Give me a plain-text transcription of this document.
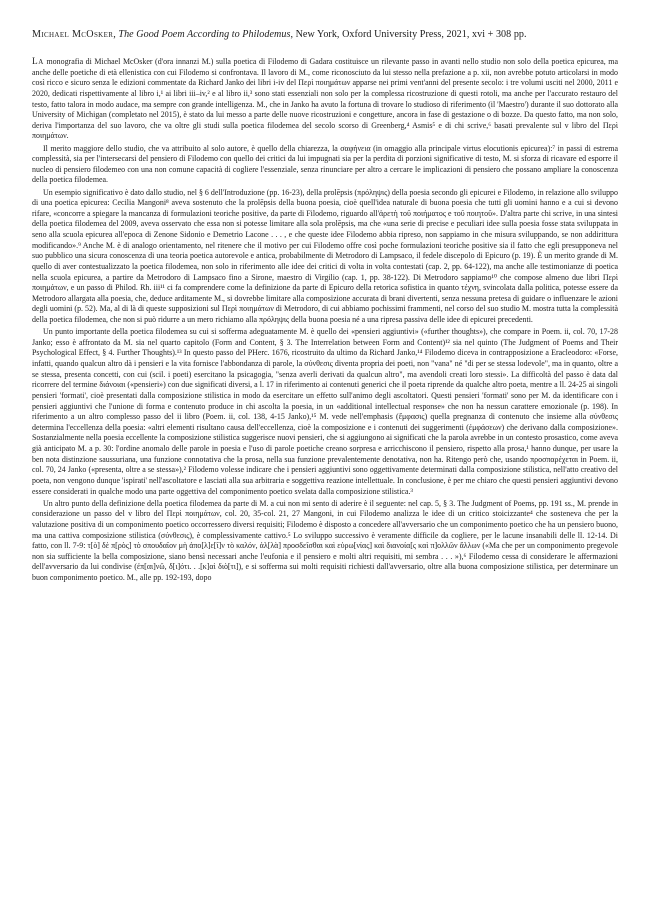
Michael McOsker, The Good Poem According to Philodemus, New York, Oxford University Press, 2021, xvi + 308 pp.

La monografia di Michael McOsker (d'ora innanzi M.) sulla poetica di Filodemo di Gadara costituisce un rilevante passo in avanti nello studio non solo della poetica epicurea, ma anche delle poetiche di età ellenistica con cui Filodemo si confrontava. Il lavoro di M., come riconosciuto da lui stesso nella prefazione a p. xii, non avrebbe potuto articolarsi in modo così ricco e sicuro senza le edizioni commentate da Richard Janko dei libri i-iv del Περὶ ποιημάτων apparse nei primi vent'anni del presente secolo: i tre volumi usciti nel 2000, 2011 e 2020, dedicati rispettivamente al libro i,¹ ai libri iii–iv,² e al libro ii,³ sono stati essenziali non solo per la complessa ricostruzione di questi rotoli, ma anche per l'accurato restauro del testo, fatto talora in modo audace, ma sempre con grande intelligenza. M., che in Janko ha avuto la fortuna di trovare lo studioso di riferimento (il 'Maestro') durante il suo dottorato alla University of Michigan (completato nel 2015), è stato da lui messo a parte delle nuove ricostruzioni e congetture, ancora in fase di gestazione o di bozze. Da questo fatto, ma non solo, deriva l'importanza del suo lavoro, che va oltre gli studi sulla poetica filodemea del secolo scorso di Greenberg,⁴ Asmis⁵ e di chi scrive,⁶ basati prevalente sul v libro del Περὶ ποιημάτων.

Il merito maggiore dello studio, che va attribuito al solo autore, è quello della chiarezza, la σαφήνεια (in omaggio alla principale virtus elocutionis epicurea):⁷ in passi di estrema complessità, sia per l'intersecarsi del pensiero di Filodemo con quello dei critici da lui impugnati sia per la perdita di porzioni significative di testo, M. si sforza di ricavare ed esporre il nucleo di pensiero filodemeo con una non comune capacità di cogliere l'essenziale, senza rinunciare per altro a cercare le implicazioni di pensiero che possano ampliare la conoscenza della poetica filodemea.

Un esempio significativo è dato dallo studio, nel § 6 dell'Introduzione (pp. 16-23), della prolēpsis (πρόληψις) della poesia secondo gli epicurei e Filodemo, in relazione allo sviluppo di una poetica epicurea: Cecilia Mangoni⁸ aveva sostenuto che la prolēpsis della buona poesia, cioè quell'idea naturale di buona poesia che tutti gli uomini hanno e a cui si devono rifare, «concorre a spiegare la mancanza di formulazioni teoriche positive, da parte di Filodemo, riguardo all'ἀρετὴ τοῦ ποιήματος e τοῦ ποιητοῦ». D'altra parte chi scrive, in una sintesi della poetica filodemea del 2009, aveva osservato che essa non si potesse limitare alla sola prolēpsis, ma che «una serie di precise e peculiari idee sulla poesia fosse stata sviluppata in seno alla scuola epicurea all'epoca di Zenone Sidonio e Demetrio Lacone . . . , e che queste idee Filodemo abbia ripreso, non sappiamo in che misura sviluppando, se non addirittura modificando».⁹ Anche M. è di analogo orientamento, nel ritenere che il motivo per cui Filodemo offre così poche formulazioni teoriche positive sia il fatto che egli presupponeva nel suo pubblico una sicura conoscenza di una teoria poetica autorevole e antica, probabilmente di Metrodoro di Lampsaco, il fedele discepolo di Epicuro (p. 19). È un merito grande di M. quello di aver contestualizzato la poetica filodemea, non solo in riferimento alle idee dei critici di volta in volta contestati (cap. 2, pp. 64-122), ma anche alle testimonianze di poetica nella scuola epicurea, a partire da Metrodoro di Lampsaco fino a Sirone, maestro di Virgilio (cap. 1, pp. 38-122). Di Metrodoro sappiamo¹⁰ che compose almeno due libri Περὶ ποιημάτων, e un passo di Philod. Rh. iii¹¹ ci fa comprendere come la definizione da parte di Epicuro della retorica sofistica in quanto τέχνη, svincolata dalla politica, potesse essere da Metrodoro allargata alla poesia, che, deduce arditamente M., si dovrebbe limitare alla composizione accurata di brani divertenti, senza nessuna pretesa di guidare o influenzare le azioni degli uomini (p. 52). Ma, al di là di queste supposizioni sul Περὶ ποιημάτων di Metrodoro, di cui abbiamo pochissimi frammenti, nel corso del suo studio M. mostra tutta la complessità della poetica filodemea, che non si può ridurre a un mero richiamo alla πρόληψις della buona poesia né a una ripresa passiva delle idee di epicurei precedenti.

Un punto importante della poetica filodemea su cui si sofferma adeguatamente M. è quello dei «pensieri aggiuntivi» («further thoughts»), che compare in Poem. ii, col. 70, 17-28 Janko; esso è affrontato da M. sia nel quarto capitolo (Form and Content, § 3. The Interrelation between Form and Content)¹² sia nel quinto (The Judgment of Poems and Their Psychological Effect, § 4. Further Thoughts).¹³ In questo passo del PHerc. 1676, ricostruito da ultimo da Richard Janko,¹⁴ Filodemo diceva in contrapposizione a Eracleodoro: «Forse, infatti, quando qualcun altro dà i pensieri e la vita fornisce l'abbondanza di parole, la σύνθεσις diventa propria dei poeti, non "vana" né "di per se stessa lodevole", ma in quanto, oltre a se stessa, presenta concetti, con cui (scil. i poeti) esercitano la psicagogia, "senza averli derivati da qualcun altro", ma avendoli creati loro stessi». La difficoltà del passo è data dal ricorrere del termine διάνοιαι («pensieri») con due significati diversi, a l. 17 in riferimento ai contenuti generici che il poeta riprende da qualche altro poeta, mentre a ll. 24-25 ai singoli pensieri 'formati', cioè presentati dalla composizione stilistica in modo da esercitare un effetto sull'animo degli ascoltatori. Questi pensieri 'formati' sono per M. da identificare con i pensieri aggiuntivi che l'unione di forma e contenuto produce in chi ascolta la poesia, in un «additional intellectual response» che non ha nessun carattere emozionale (p. 198). In riferimento a un altro complesso passo del ii libro (Poem. ii, col. 138, 4-15 Janko),¹⁵ M. vede nell'emphasis (ἔμφασις) quella pregnanza di contenuto che insieme alla σύνθεσις determina l'eccellenza della poesia: «altri elementi risultano causa dell'eccellenza, cioè la composizione e i contenuti dei suggerimenti (ἐμφάσεων) che derivano dalla composizione». Sostanzialmente nella poesia eccellente la composizione stilistica suggerisce nuovi pensieri, che si aggiungono ai significati che la parola avrebbe in un contesto prosastico, come aveva già anticipato M. a p. 30: l'ordine anomalo delle parole in poesia e l'uso di parole poetiche creano sorpresa e arricchiscono il pensiero, rispetto alla prosa,¹ hanno dunque, per usare la ben nota distinzione saussuriana, una funzione connotativa che la prosa, nella sua funzione prevalentemente denotativa, non ha. Ritengo però che, usando προσπαρέχεται in Poem. ii, col. 70, 24 Janko («presenta, oltre a se stessa»),² Filodemo volesse indicare che i pensieri aggiuntivi sono oggettivamente determinati dalla composizione stilistica, nell'atto creativo del poeta, non vengono dunque 'ispirati' nell'ascoltatore e lasciati alla sua arbitraria e soggettiva reazione intellettuale. In conclusione, è per me chiaro che questi pensieri aggiuntivi devono essere considerati in qualche modo una parte oggettiva del componimento poetico svelata dalla composizione stilistica.³

Un altro punto della definizione della poetica filodemea da parte di M. a cui non mi sento di aderire è il seguente: nel cap. 5, § 3. The Judgment of Poems, pp. 191 ss., M. prende in considerazione un passo del v libro del Περὶ ποιημάτων, col. 20, 35-col. 21, 27 Mangoni, in cui Filodemo analizza le idee di un critico stoicizzante⁴ che sosteneva che per la valutazione positiva di un componimento poetico occorressero diversi requisiti; Filodemo è disposto a concedere all'avversario che un componimento poetico che ha un pensiero buono, ma una cattiva composizione stilistica (σύνθεσις), è complessivamente cattivo.⁵ Lo sviluppo successivo è veramente difficile da cogliere, per le lacune insanabili delle ll. 12-14. Di fatto, con ll. 7-9: τ[ὸ] δὲ π[ρὸς] τὸ σπουδαῖον μὴ ἀπο[λ]ε[ῖ]ν τὸ καλόν, ἀλ[λὰ] προσδεῖσθαι καὶ εὑρω[νίας] καὶ διανοία[ς καὶ π]ολλῶν ἄλλων («Ma che per un componimento pregevole non sia sufficiente la bella composizione, siano bensì necessari anche l'eufonia e il pensiero e molti altri requisiti, mi sembra . . . »),⁶ Filodemo cessa di considerare le affermazioni dell'avversario da lui condivise (ἐπ[αι]νῶ, δ[ι]ότι. . .[κ]αὶ διὸ[τι]), e si sofferma sui molti requisiti richiesti dall'avversario, oltre alla buona composizione stilistica, per determinare un buon componimento poetico. M., alle pp. 192-193, dopo
